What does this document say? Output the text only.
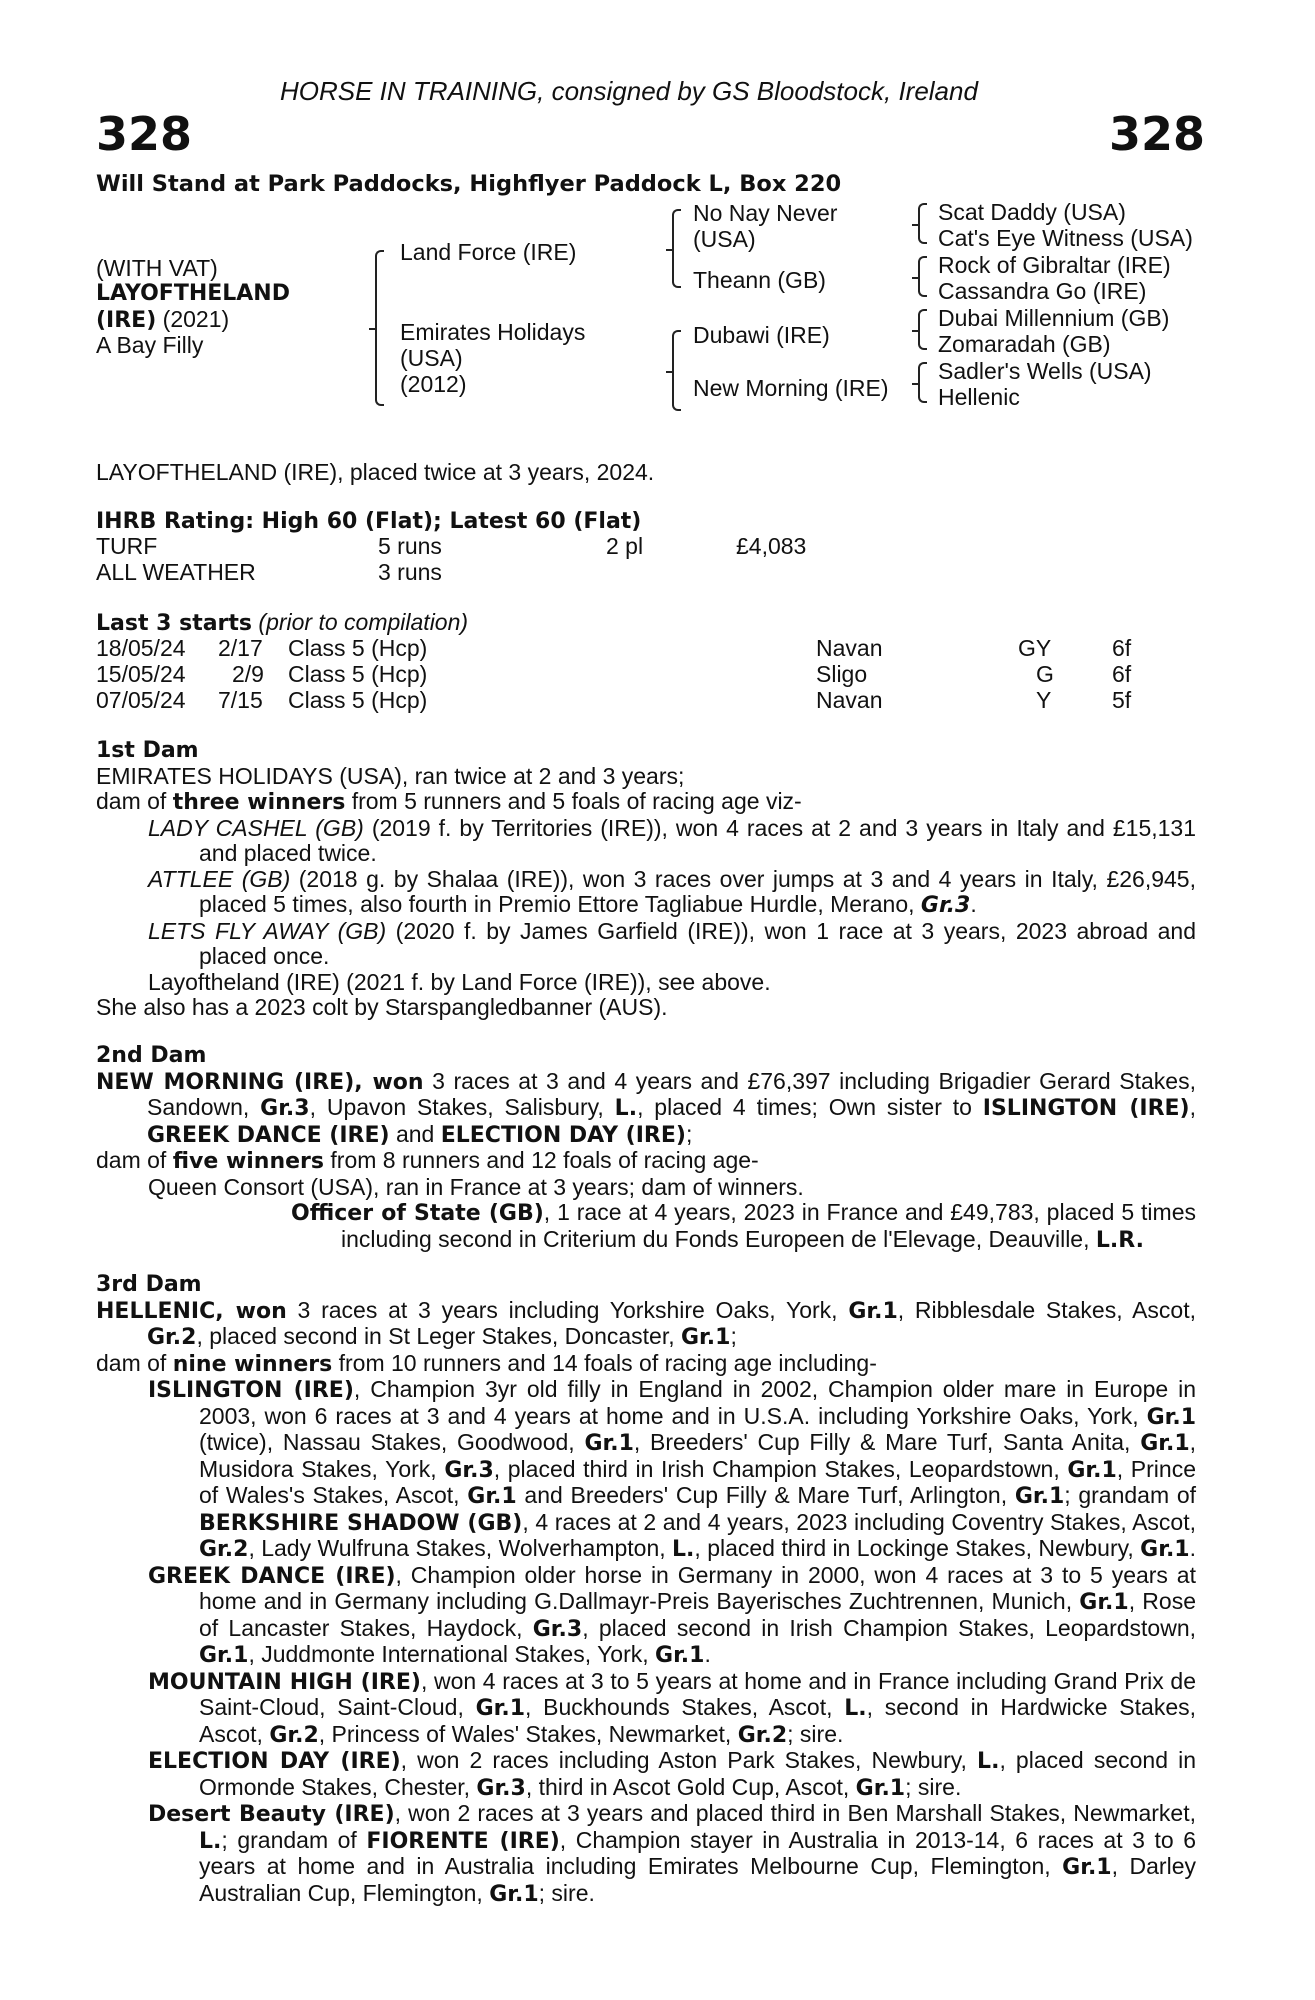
HORSE IN TRAINING, consigned by GS Bloodstock, Ireland
328	328
Will Stand at Park Paddocks, Highflyer Paddock L, Box 220
(WITH VAT)
LAYOFTHELAND
(IRE) (2021)
A Bay Filly
Land Force (IRE)
Emirates Holidays
(USA)
(2012)
No Nay Never
(USA)
Theann (GB)
Dubawi (IRE)
New Morning (IRE)
Scat Daddy (USA)
Cat's Eye Witness (USA)
Rock of Gibraltar (IRE)
Cassandra Go (IRE)
Dubai Millennium (GB)
Zomaradah (GB)
Sadler's Wells (USA)
Hellenic
LAYOFTHELAND (IRE), placed twice at 3 years, 2024.
IHRB Rating: High 60 (Flat); Latest 60 (Flat)
TURF	5 runs	2 pl	£4,083
ALL WEATHER	3 runs
Last 3 starts (prior to compilation)
18/05/24 2/17 Class 5 (Hcp)	Navan	GY	6f
15/05/24 2/9 Class 5 (Hcp)	Sligo	G	6f
07/05/24 7/15 Class 5 (Hcp)	Navan	Y	5f

1st Dam

EMIRATES HOLIDAYS (USA), ran twice at 2 and 3 years;

dam of three winners from 5 runners and 5 foals of racing age viz-

LADY CASHEL (GB) (2019 f. by Territories (IRE)), won 4 races at 2 and 3 years in Italy and £15,131 and placed twice.

ATTLEE (GB) (2018 g. by Shalaa (IRE)), won 3 races over jumps at 3 and 4 years in Italy, £26,945, placed 5 times, also fourth in Premio Ettore Tagliabue Hurdle, Merano, Gr.3.

LETS FLY AWAY (GB) (2020 f. by James Garfield (IRE)), won 1 race at 3 years, 2023 abroad and placed once.

Layoftheland (IRE) (2021 f. by Land Force (IRE)), see above.

She also has a 2023 colt by Starspangledbanner (AUS).

2nd Dam

NEW MORNING (IRE), won 3 races at 3 and 4 years and £76,397 including Brigadier Gerard Stakes, Sandown, Gr.3, Upavon Stakes, Salisbury, L., placed 4 times; Own sister to ISLINGTON (IRE), GREEK DANCE (IRE) and ELECTION DAY (IRE);

dam of five winners from 8 runners and 12 foals of racing age-

Queen Consort (USA), ran in France at 3 years; dam of winners.

Officer of State (GB), 1 race at 4 years, 2023 in France and £49,783, placed 5 times including second in Criterium du Fonds Europeen de l'Elevage, Deauville, L.R.

3rd Dam

HELLENIC, won 3 races at 3 years including Yorkshire Oaks, York, Gr.1, Ribblesdale Stakes, Ascot, Gr.2, placed second in St Leger Stakes, Doncaster, Gr.1;

dam of nine winners from 10 runners and 14 foals of racing age including-

ISLINGTON (IRE), Champion 3yr old filly in England in 2002, Champion older mare in Europe in 2003, won 6 races at 3 and 4 years at home and in U.S.A. including Yorkshire Oaks, York, Gr.1 (twice), Nassau Stakes, Goodwood, Gr.1, Breeders' Cup Filly & Mare Turf, Santa Anita, Gr.1, Musidora Stakes, York, Gr.3, placed third in Irish Champion Stakes, Leopardstown, Gr.1, Prince of Wales's Stakes, Ascot, Gr.1 and Breeders' Cup Filly & Mare Turf, Arlington, Gr.1; grandam of BERKSHIRE SHADOW (GB), 4 races at 2 and 4 years, 2023 including Coventry Stakes, Ascot, Gr.2, Lady Wulfruna Stakes, Wolverhampton, L., placed third in Lockinge Stakes, Newbury, Gr.1.

GREEK DANCE (IRE), Champion older horse in Germany in 2000, won 4 races at 3 to 5 years at home and in Germany including G.Dallmayr-Preis Bayerisches Zuchtrennen, Munich, Gr.1, Rose of Lancaster Stakes, Haydock, Gr.3, placed second in Irish Champion Stakes, Leopardstown, Gr.1, Juddmonte International Stakes, York, Gr.1.

MOUNTAIN HIGH (IRE), won 4 races at 3 to 5 years at home and in France including Grand Prix de Saint-Cloud, Saint-Cloud, Gr.1, Buckhounds Stakes, Ascot, L., second in Hardwicke Stakes, Ascot, Gr.2, Princess of Wales' Stakes, Newmarket, Gr.2; sire.

ELECTION DAY (IRE), won 2 races including Aston Park Stakes, Newbury, L., placed second in Ormonde Stakes, Chester, Gr.3, third in Ascot Gold Cup, Ascot, Gr.1; sire.

Desert Beauty (IRE), won 2 races at 3 years and placed third in Ben Marshall Stakes, Newmarket, L.; grandam of FIORENTE (IRE), Champion stayer in Australia in 2013-14, 6 races at 3 to 6 years at home and in Australia including Emirates Melbourne Cup, Flemington, Gr.1, Darley Australian Cup, Flemington, Gr.1; sire.
